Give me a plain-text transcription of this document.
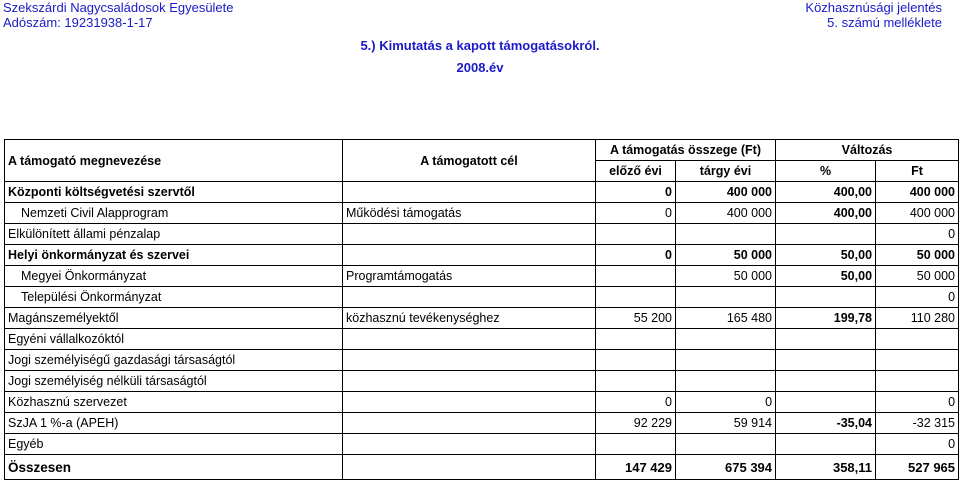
Szekszárdi Nagycsaládosok Egyesülete
Adószám: 19231938-1-17
Közhasznúsági jelentés
5. számú melléklete
5.) Kimutatás a kapott támogatásokról.
2008.év
A támogató megnevezése	A támogatott cél	A támogatás összege (Ft)		Változás	
		előző évi	tárgy évi	%	Ft
Központi költségvetési szervtől		0	400 000	400,00	400 000
Nemzeti Civil Alapprogram	Működési támogatás	0	400 000	400,00	400 000
Elkülönített állami pénzalap					0
Helyi önkormányzat és szervei		0	50 000	50,00	50 000
Megyei Önkormányzat	Programtámogatás		50 000	50,00	50 000
Települési Önkormányzat					0
Magánszemélyektől	közhasznú tevékenységhez	55 200	165 480	199,78	110 280
Egyéni vállalkozóktól					
Jogi személyiségű gazdasági társaságtól					
Jogi személyiség nélküli társaságtól					
Közhasznú szervezet		0	0		0
SzJA 1 %-a (APEH)		92 229	59 914	-35,04	-32 315
Egyéb					0
Összesen		147 429	675 394	358,11	527 965
